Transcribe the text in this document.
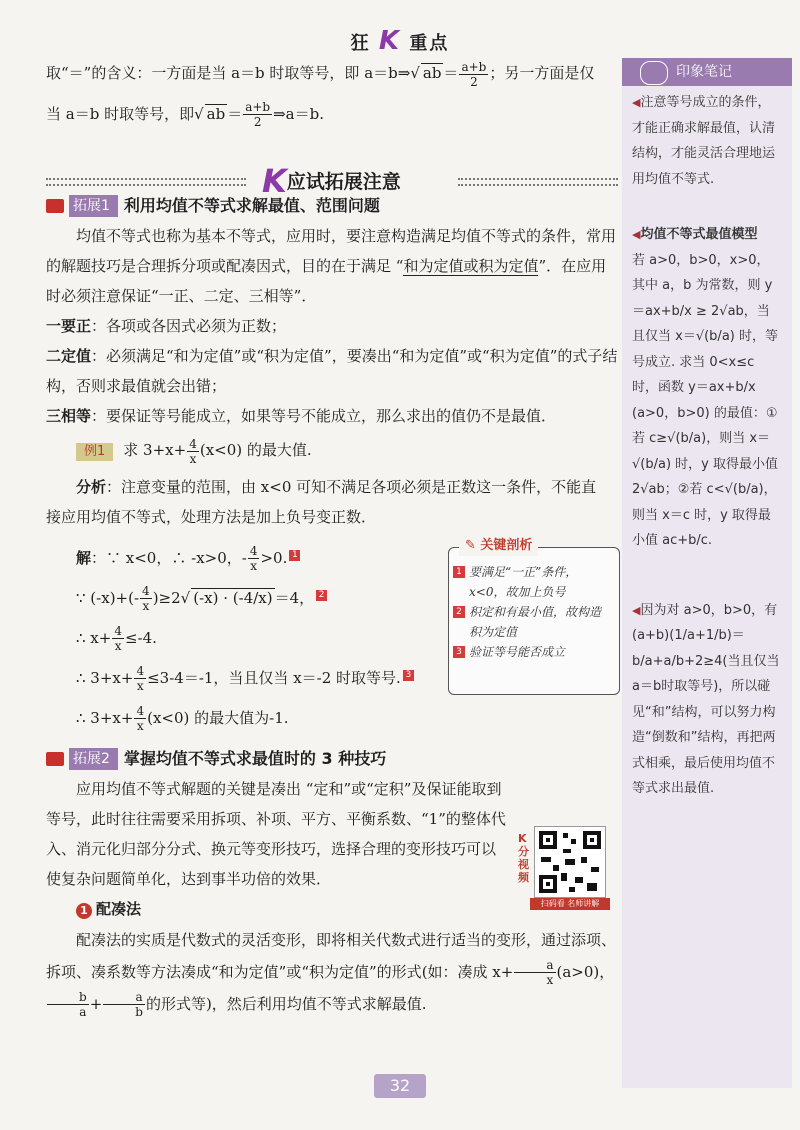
狂 K 重点

取“＝”的含义：一方面是当 a＝b 时取等号，即 a＝b⇒√ ab ＝ $\frac{a+b}{2}$ ；另一方面是仅

当 a＝b 时取等号，即√ ab ＝ $\frac{a+b}{2}$ ⇒a＝b.

拓展1 利用均值不等式求解最值、范围问题

均值不等式也称为基本不等式，应用时，要注意构造满足均值不等式的条件，常用的解题技巧是合理拆分项或配凑因式，目的在于满足 “和为定值或积为定值”．在应用时必须注意保证“一正、二定、三相等”．

一要正：各项或各因式必须为正数；

二定值：必须满足“和为定值”或“积为定值”，要凑出“和为定值”或“积为定值”的式子结构，否则求最值就会出错；

三相等：要保证等号能成立，如果等号不能成立，那么求出的值仍不是最值．

例1 求 $3+x+ \frac{4}{x} (x<0)$ 的最大值.

分析：注意变量的范围，由 x<0 可知不满足各项必须是正数这一条件，不能直接应用均值不等式，处理方法是加上负号变正数．

解：∵ x<0，∴ -x>0，- $\frac{4}{x} >0$. 1

∵ $(-x)+(- \frac{4}{x} )\ge 2√$ (-x) · (-4/x) ＝4， 2

∴ $x+ \frac{4}{x} \le-4$.

∴ $3+x+ \frac{4}{x} \le 3-4=-1$，当且仅当 x＝-2 时取等号. 3

∴ $3+x+ \frac{4}{x} (x<0)$ 的最大值为-1.

拓展2 掌握均值不等式求最值时的 3 种技巧

应用均值不等式解题的关键是凑出 “定和”或“定积”及保证能取到等号，此时往往需要采用拆项、补项、平方、平衡系数、“1”的整体代入、消元化归部分分式、换元等变形技巧，选择合理的变形技巧可以使复杂问题简单化，达到事半功倍的效果．

1 配凑法

配凑法的实质是代数式的灵活变形，即将相关代数式进行适当的变形，通过添项、拆项、凑系数等方法凑成“和为定值”或“积为定值”的形式(如：凑成 $x+ \frac{a}{x} (a>0)$，
$\frac{b}{a} + \frac{a}{b}$ 的形式等)，然后利用均值不等式求解最值.

K应试拓展注意
✎ 关键剖析
1 要满足“一正”条件，x<0，故加上负号
2 积定和有最小值，故构造积为定值
3 验证等号能否成立
K分视频
扫码看 名师讲解
印象笔记
◀注意等号成立的条件，才能正确求解最值，认清结构，才能灵活合理地运用均值不等式.
◀均值不等式最值模型
若 a>0，b>0，x>0，其中 a，b 为常数，则 y＝ax+b/x ≥ 2√ab，当且仅当 x＝√(b/a) 时，等号成立. 求当 0<x≤c 时，函数 y＝ax+b/x (a>0，b>0) 的最值：①若 c≥√(b/a)，则当 x＝√(b/a) 时，y 取得最小值 2√ab；②若 c<√(b/a)，则当 x＝c 时，y 取得最小值 ac+b/c.
◀因为对 a>0，b>0，有(a+b)(1/a+1/b)＝b/a+a/b+2≥4(当且仅当a＝b时取等号)，所以碰见“和”结构，可以努力构造“倒数和”结构，再把两式相乘，最后使用均值不等式求出最值.
32
